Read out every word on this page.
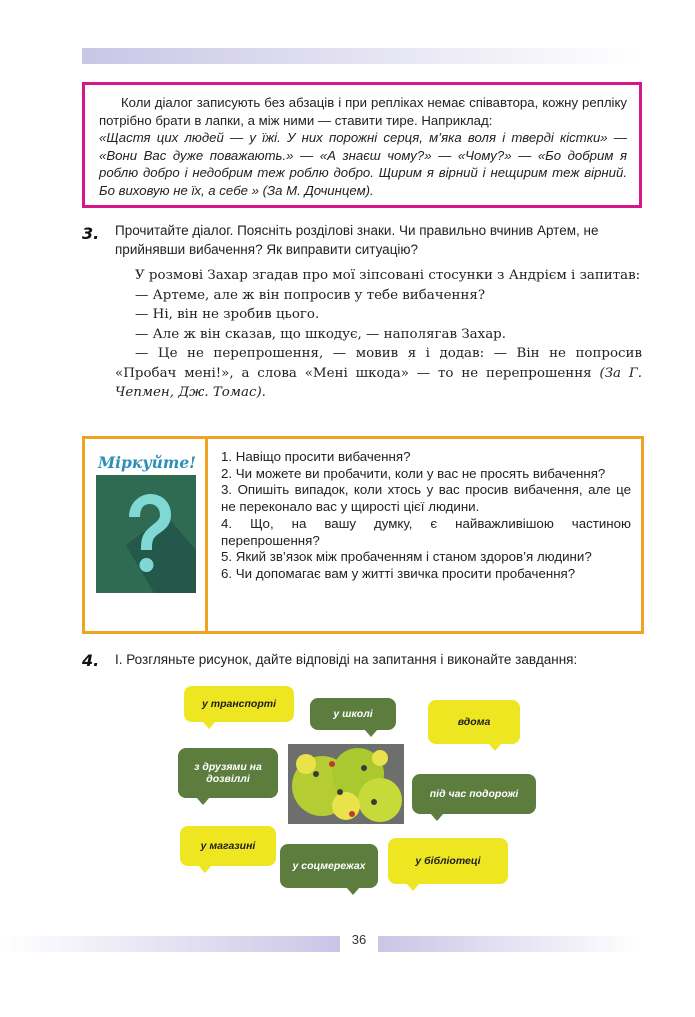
Коли діалог записують без абзаців і при репліках немає співавтора, кожну репліку потрібно брати в лапки, а між ними — ставити тире. Наприклад:

«Щастя цих людей — у їжі. У них порожні серця, м’яка воля і тверді кістки» — «Вони Вас дуже поважають.» — «А знаєш чому?» — «Чому?» — «Бо добрим я роблю добро і недобрим теж роблю добро. Щирим я вірний і нещирим теж вірний. Бо виховую не їх, а себе » (За М. Дочинцем).

3. Прочитайте діалог. Поясніть розділові знаки. Чи правильно вчинив Артем, не прийнявши вибачення? Як виправити ситуацію?

У розмові Захар згадав про мої зіпсовані стосунки з Андрієм і запитав:

— Артеме, але ж він попросив у тебе вибачення?

— Ні, він не зробив цього.

— Але ж він сказав, що шкодує, — наполягав Захар.

— Це не перепрошення, — мовив я і додав: — Він не попросив «Пробач мені!», а слова «Мені шкода» — то не перепрошення (За Г. Чепмен, Дж. Томас).

Міркуйте! 1. Навіщо просити вибачення?
2. Чи можете ви пробачити, коли у вас не просять вибачення?
3. Опишіть випадок, коли хтось у вас просив вибачення, але це не переконало вас у щирості цієї людини.
4. Що, на вашу думку, є найважливішою частиною перепрошення?
5. Який зв’язок між пробаченням і станом здоров’я людини?
6. Чи допомагає вам у житті звичка просити пробачення?
4. І. Розгляньте рисунок, дайте відповіді на запитання і виконайте завдання:
у транспорті
у школі
вдома
з друзями на дозвіллі
під час подорожі
у магазині
у соцмережах	у бібліотеці
36
